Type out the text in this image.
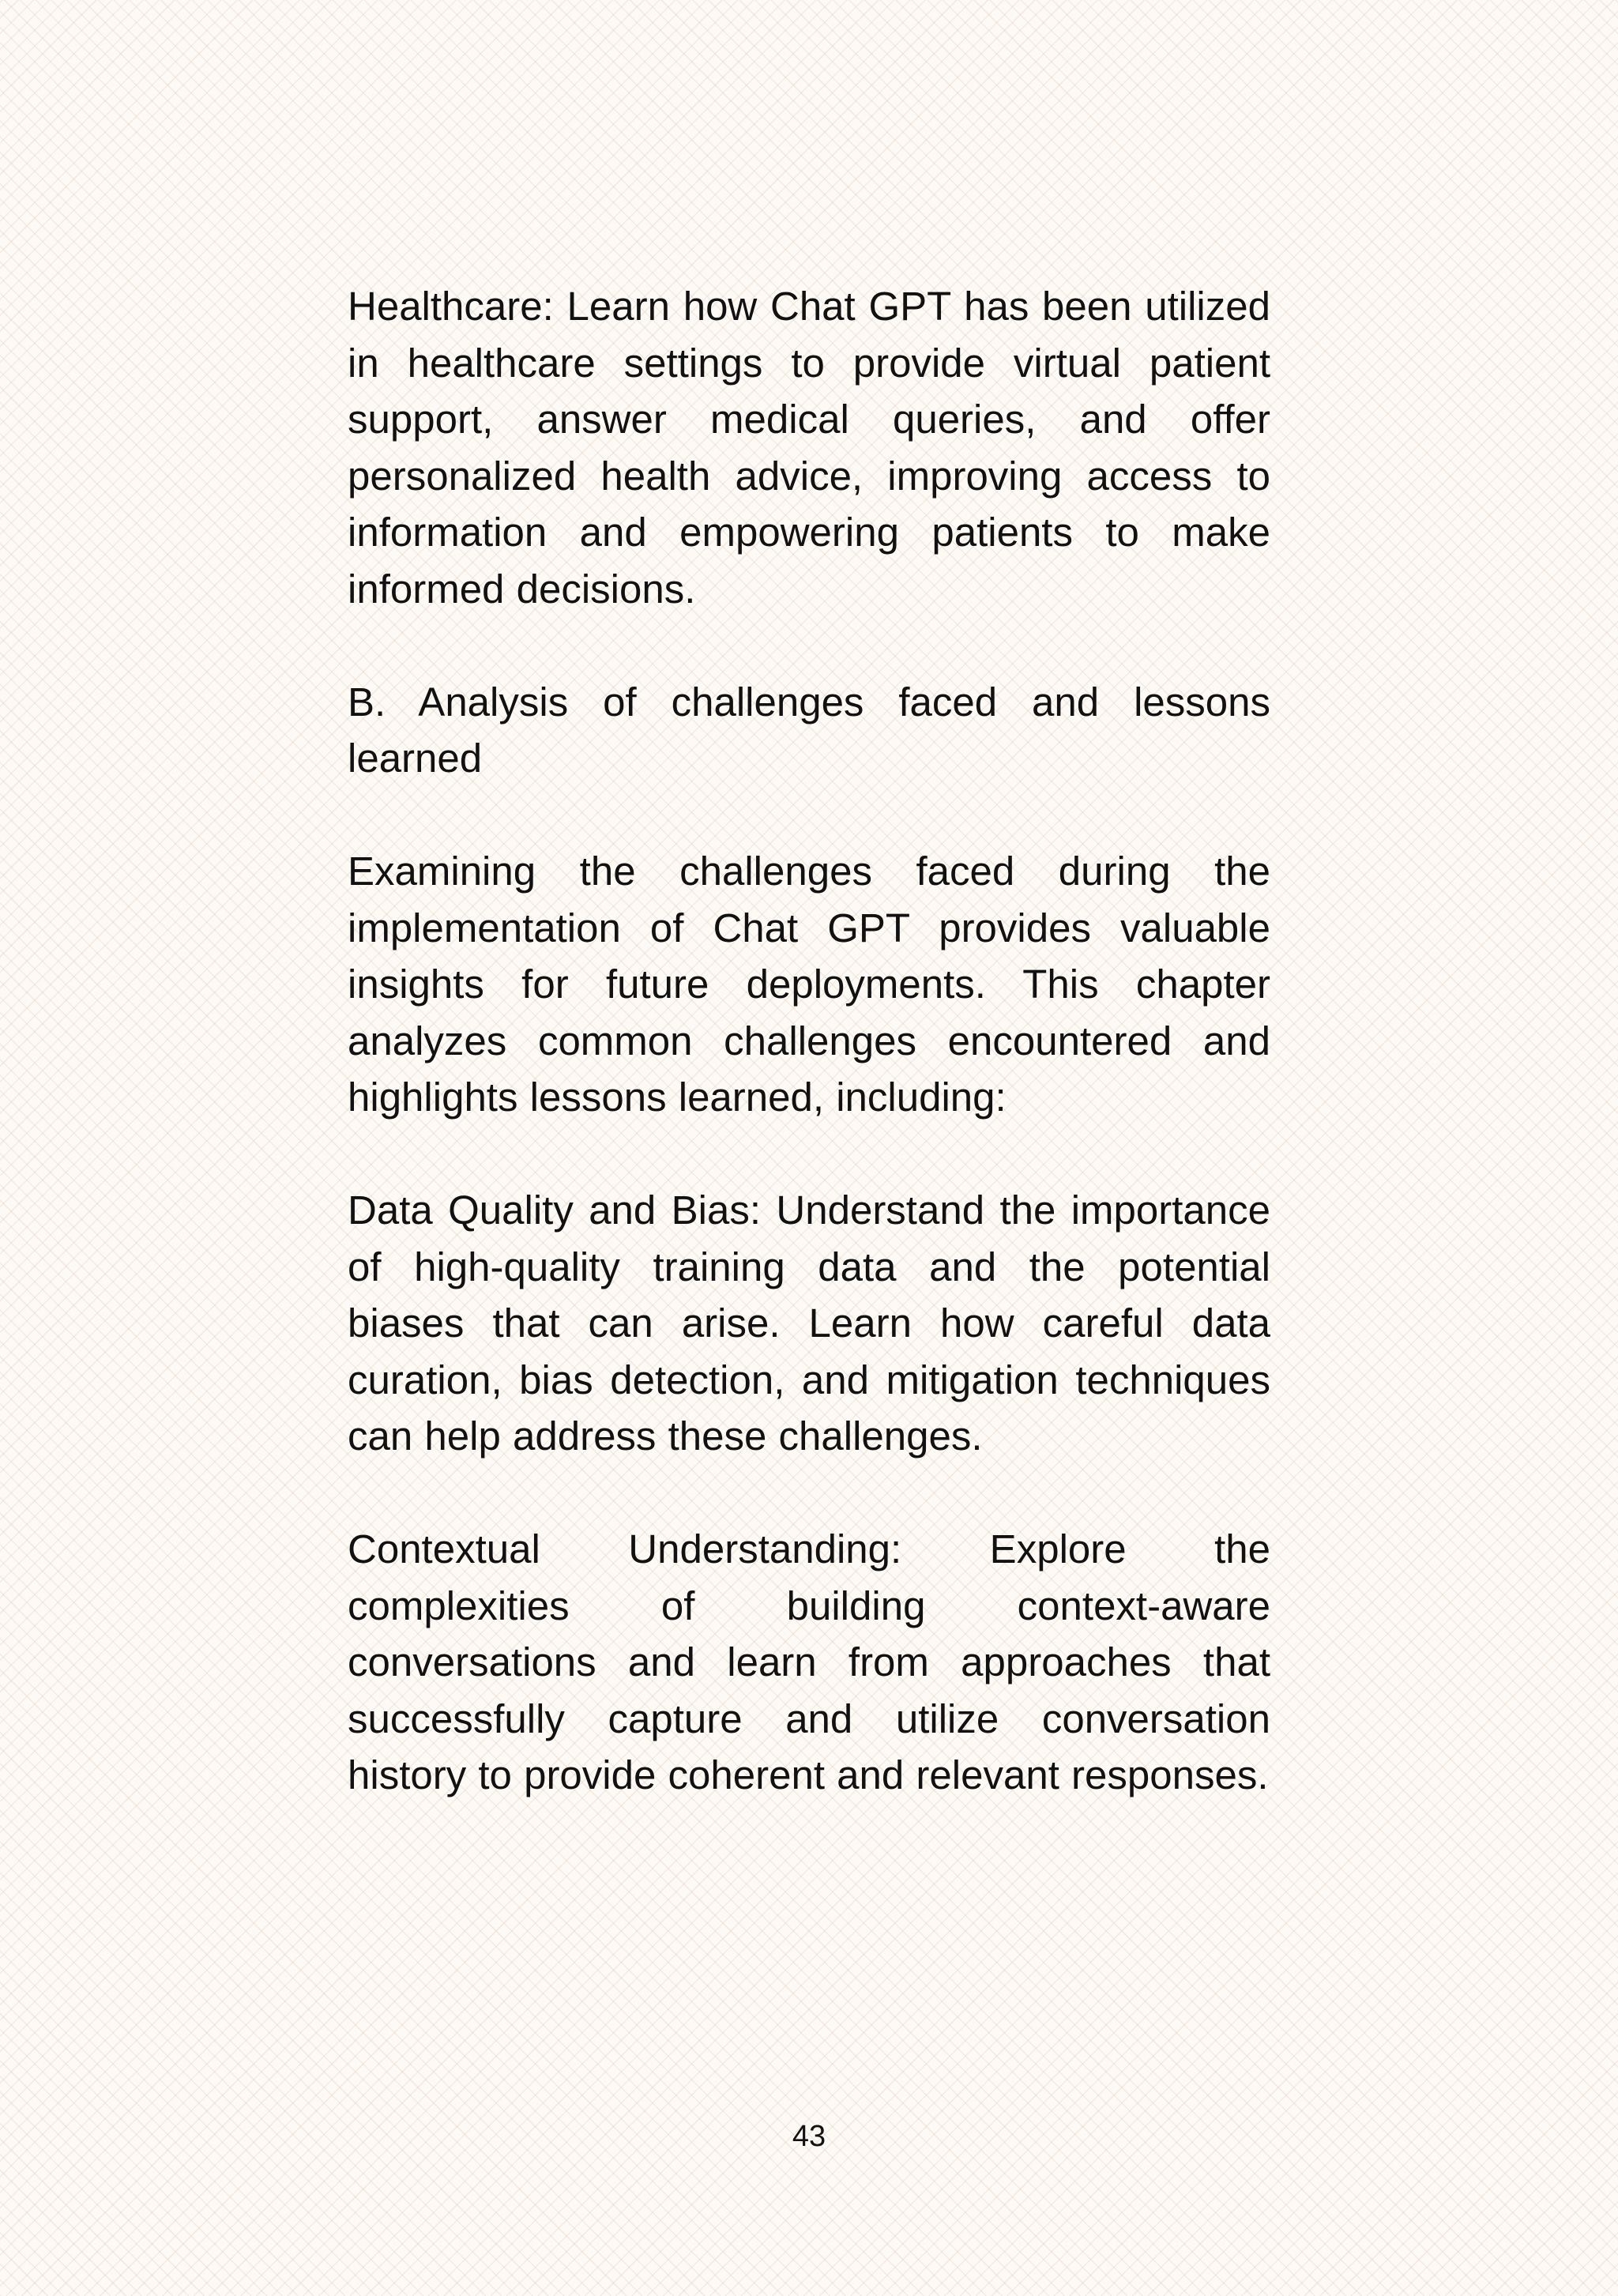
Healthcare: Learn how Chat GPT has been utilized in healthcare settings to provide virtual patient support, answer medical queries, and offer personalized health advice, improving access to information and empowering patients to make informed decisions.

B. Analysis of challenges faced and lessons learned

Examining the challenges faced during the implementation of Chat GPT provides valuable insights for future deployments. This chapter analyzes common challenges encountered and highlights lessons learned, including:

Data Quality and Bias: Understand the importance of high-quality training data and the potential biases that can arise. Learn how careful data curation, bias detection, and mitigation techniques can help address these challenges.

Contextual Understanding: Explore the complexities of building context-aware conversations and learn from approaches that successfully capture and utilize conversation history to provide coherent and relevant responses.

43
